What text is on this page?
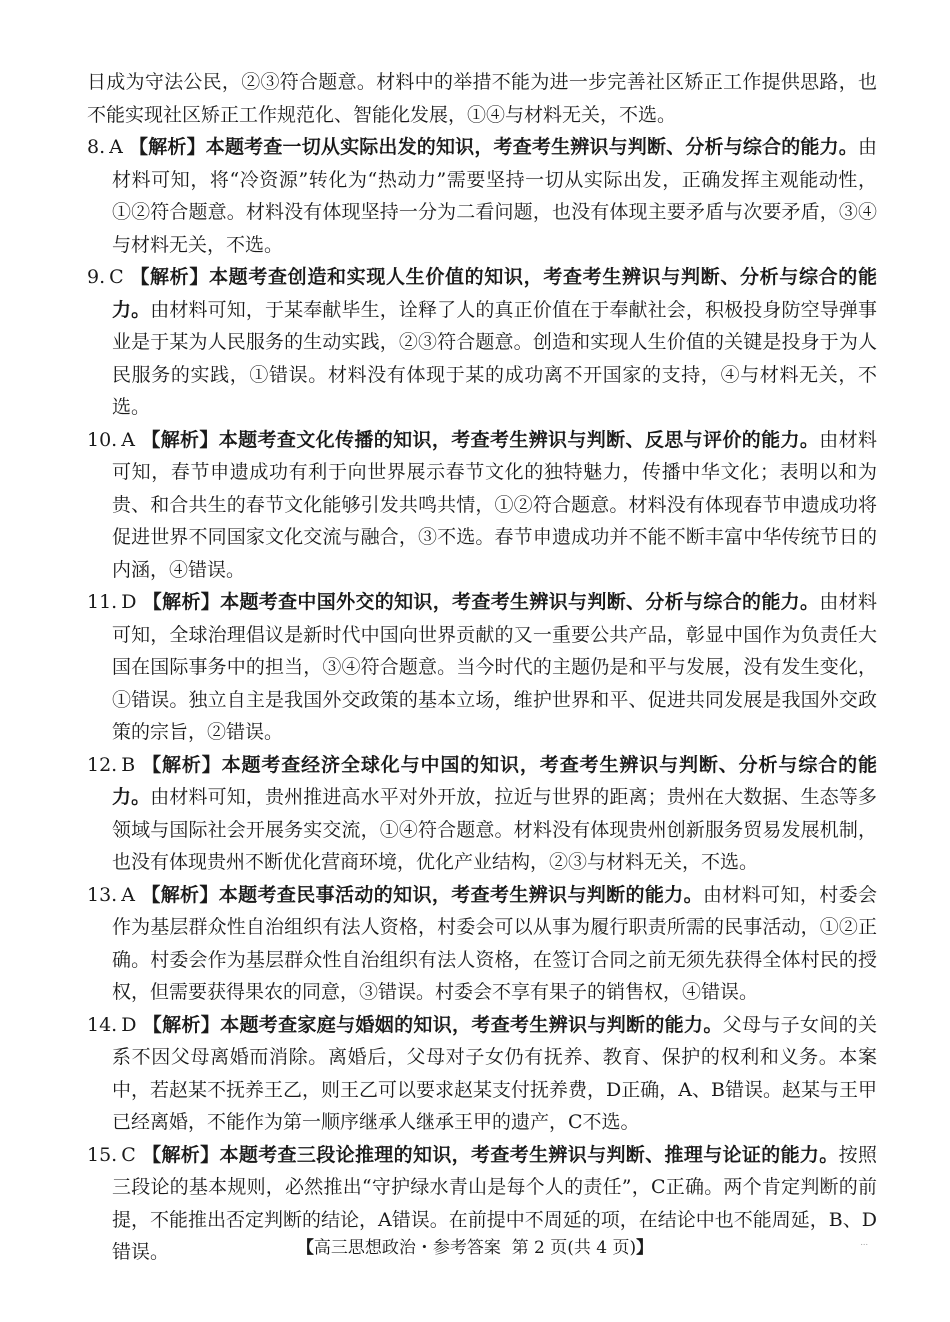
日成为守法公民，②③符合题意。材料中的举措不能为进一步完善社区矫正工作提供思路，也不能实现社区矫正工作规范化、智能化发展，①④与材料无关，不选。

8. A 【解析】本题考查一切从实际出发的知识，考查考生辨识与判断、分析与综合的能力。由材料可知，将“冷资源”转化为“热动力”需要坚持一切从实际出发，正确发挥主观能动性，①②符合题意。材料没有体现坚持一分为二看问题，也没有体现主要矛盾与次要矛盾，③④与材料无关，不选。

9. C 【解析】本题考查创造和实现人生价值的知识，考查考生辨识与判断、分析与综合的能力。由材料可知，于某奉献毕生，诠释了人的真正价值在于奉献社会，积极投身防空导弹事业是于某为人民服务的生动实践，②③符合题意。创造和实现人生价值的关键是投身于为人民服务的实践，①错误。材料没有体现于某的成功离不开国家的支持，④与材料无关，不选。

10. A 【解析】本题考查文化传播的知识，考查考生辨识与判断、反思与评价的能力。由材料可知，春节申遗成功有利于向世界展示春节文化的独特魅力，传播中华文化；表明以和为贵、和合共生的春节文化能够引发共鸣共情，①②符合题意。材料没有体现春节申遗成功将促进世界不同国家文化交流与融合，③不选。春节申遗成功并不能不断丰富中华传统节日的内涵，④错误。

11. D 【解析】本题考查中国外交的知识，考查考生辨识与判断、分析与综合的能力。由材料可知，全球治理倡议是新时代中国向世界贡献的又一重要公共产品，彰显中国作为负责任大国在国际事务中的担当，③④符合题意。当今时代的主题仍是和平与发展，没有发生变化，①错误。独立自主是我国外交政策的基本立场，维护世界和平、促进共同发展是我国外交政策的宗旨，②错误。

12. B 【解析】本题考查经济全球化与中国的知识，考查考生辨识与判断、分析与综合的能力。由材料可知，贵州推进高水平对外开放，拉近与世界的距离；贵州在大数据、生态等多领域与国际社会开展务实交流，①④符合题意。材料没有体现贵州创新服务贸易发展机制，也没有体现贵州不断优化营商环境，优化产业结构，②③与材料无关，不选。

13. A 【解析】本题考查民事活动的知识，考查考生辨识与判断的能力。由材料可知，村委会作为基层群众性自治组织有法人资格，村委会可以从事为履行职责所需的民事活动，①②正确。村委会作为基层群众性自治组织有法人资格，在签订合同之前无须先获得全体村民的授权，但需要获得果农的同意，③错误。村委会不享有果子的销售权，④错误。

14. D 【解析】本题考查家庭与婚姻的知识，考查考生辨识与判断的能力。父母与子女间的关系不因父母离婚而消除。离婚后，父母对子女仍有抚养、教育、保护的权利和义务。本案中，若赵某不抚养王乙，则王乙可以要求赵某支付抚养费，D正确，A、B错误。赵某与王甲已经离婚，不能作为第一顺序继承人继承王甲的遗产，C不选。

15. C 【解析】本题考查三段论推理的知识，考查考生辨识与判断、推理与论证的能力。按照三段论的基本规则，必然推出“守护绿水青山是每个人的责任”，C正确。两个肯定判断的前提，不能推出否定判断的结论，A错误。在前提中不周延的项，在结论中也不能周延，B、D错误。	【高三思想政治・参考答案 第 2 页(共 4 页)】	...
